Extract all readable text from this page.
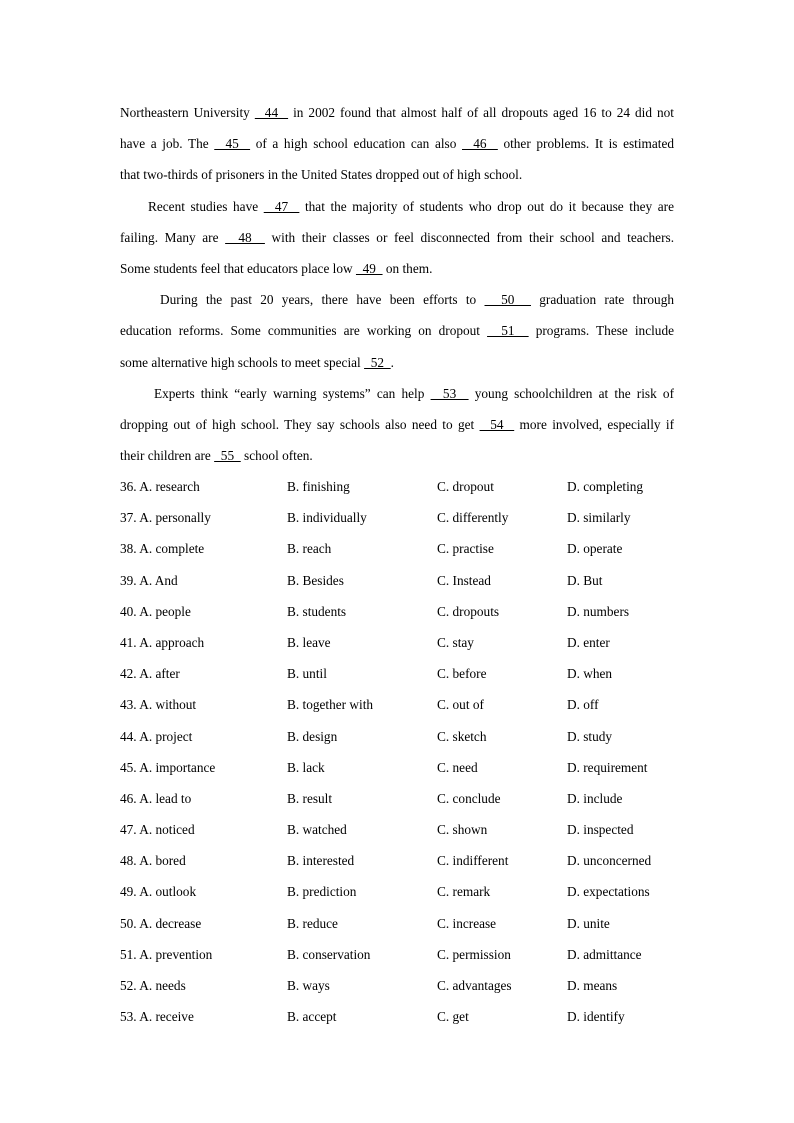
Northeastern University   44   in 2002 found that almost half of all dropouts aged 16 to 24 did not
have a job. The   45   of a high school education can also   46   other problems. It is estimated
that two-thirds of prisoners in the United States dropped out of high school.
Recent studies have   47   that the majority of students who drop out do it because they are
failing. Many are   48   with their classes or feel disconnected from their school and teachers.
Some students feel that educators place low   49   on them.
During the past 20 years, there have been efforts to   50   graduation rate through
education reforms. Some communities are working on dropout   51   programs. These include
some alternative high schools to meet special   52  .
Experts think “early warning systems” can help   53   young schoolchildren at the risk of
dropping out of high school. They say schools also need to get   54   more involved, especially if
their children are   55   school often.
36. A. research	B. finishing	C. dropout	D. completing
37. A. personally	B. individually	C. differently	D. similarly
38. A. complete	B. reach	C. practise	D. operate
39. A. And	B. Besides	C. Instead	D. But
40. A. people	B. students	C. dropouts	D. numbers
41. A. approach	B. leave	C. stay	D. enter
42. A. after	B. until	C. before	D. when
43. A. without	B. together with	C. out of	D. off
44. A. project	B. design	C. sketch	D. study
45. A. importance	B. lack	C. need	D. requirement
46. A. lead to	B. result	C. conclude	D. include
47. A. noticed	B. watched	C. shown	D. inspected
48. A. bored	B. interested	C. indifferent	D. unconcerned
49. A. outlook	B. prediction	C. remark	D. expectations
50. A. decrease	B. reduce	C. increase	D. unite
51. A. prevention	B. conservation	C. permission	D. admittance
52. A. needs	B. ways	C. advantages	D. means
53. A. receive	B. accept	C. get	D. identify
